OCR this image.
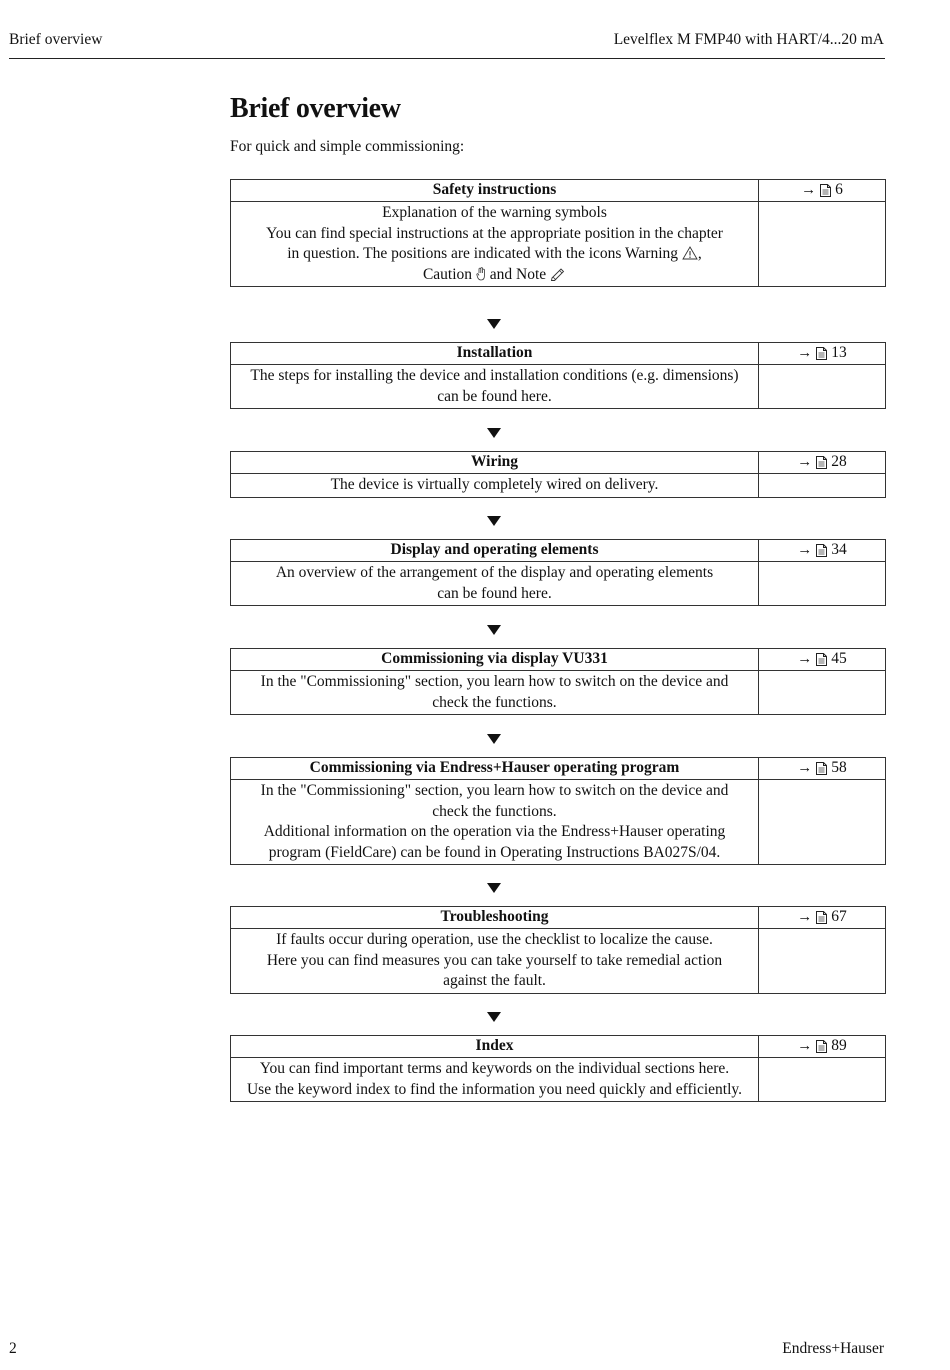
Brief overview	Levelflex M FMP40 with HART/4...20 mA
Brief overview
For quick and simple commissioning:
Safety instructions	→ 6

Explanation of the warning symbols
You can find special instructions at the appropriate position in the chapter
in question. The positions are indicated with the icons Warning ,
Caution and Note	

Installation	→ 13

The steps for installing the device and installation conditions (e.g. dimensions)
can be found here.	

Wiring	→ 28

The device is virtually completely wired on delivery.	

Display and operating elements	→ 34

An overview of the arrangement of the display and operating elements
can be found here.	

Commissioning via display VU331	→ 45

In the "Commissioning" section, you learn how to switch on the device and
check the functions.	

Commissioning via Endress+Hauser operating program	→ 58

In the "Commissioning" section, you learn how to switch on the device and
check the functions.
Additional information on the operation via the Endress+Hauser operating
program (FieldCare) can be found in Operating Instructions BA027S/04.	

Troubleshooting	→ 67

If faults occur during operation, use the checklist to localize the cause.
Here you can find measures you can take yourself to take remedial action
against the fault.	

Index	→ 89

You can find important terms and keywords on the individual sections here.
Use the keyword index to find the information you need quickly and efficiently.	

2	Endress+Hauser
